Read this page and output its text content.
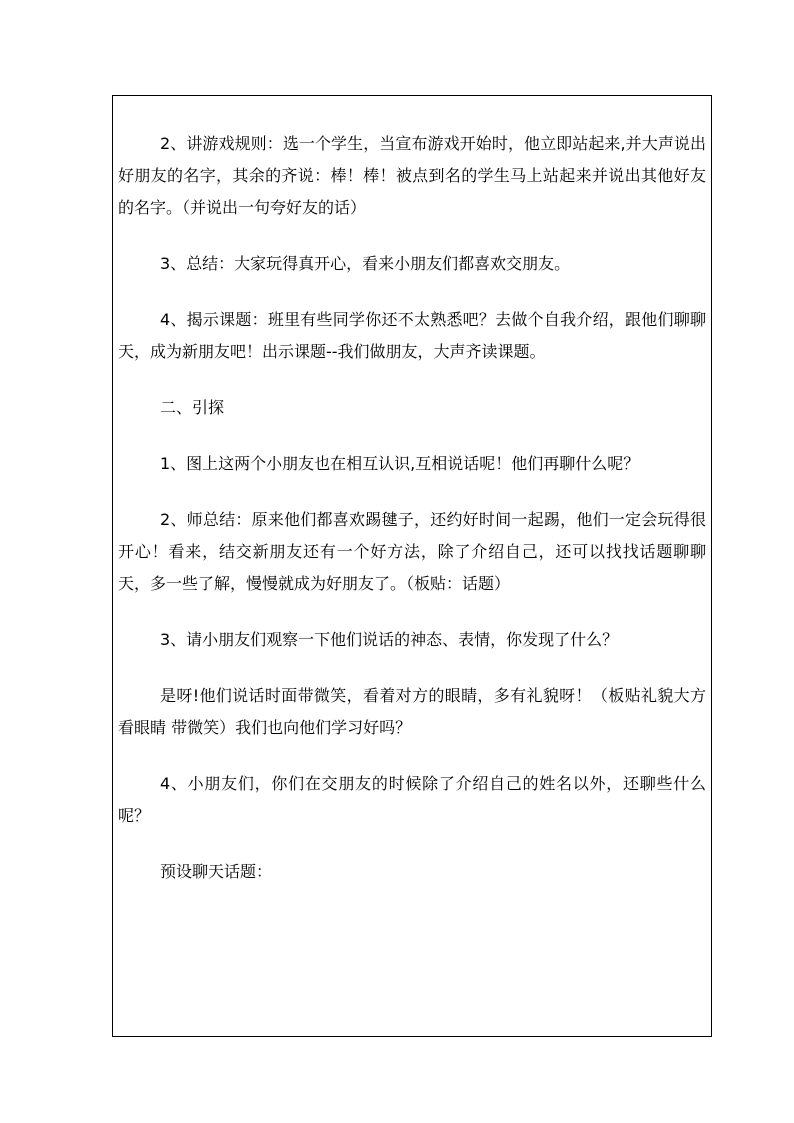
2、讲游戏规则：选一个学生，当宣布游戏开始时，他立即站起来,并大声说出好朋友的名字，其余的齐说：棒！棒！被点到名的学生马上站起来并说出其他好友的名字。（并说出一句夸好友的话）

3、总结：大家玩得真开心，看来小朋友们都喜欢交朋友。

4、揭示课题：班里有些同学你还不太熟悉吧？去做个自我介绍，跟他们聊聊天，成为新朋友吧！出示课题--我们做朋友，大声齐读课题。

二、引探

1、图上这两个小朋友也在相互认识,互相说话呢！他们再聊什么呢？

2、师总结：原来他们都喜欢踢毽子，还约好时间一起踢，他们一定会玩得很开心！看来，结交新朋友还有一个好方法，除了介绍自己，还可以找找话题聊聊天，多一些了解，慢慢就成为好朋友了。（板贴：话题）

3、请小朋友们观察一下他们说话的神态、表情，你发现了什么？

是呀!他们说话时面带微笑，看着对方的眼睛，多有礼貌呀！（板贴礼貌大方 看眼睛 带微笑）我们也向他们学习好吗？

4、小朋友们，你们在交朋友的时候除了介绍自己的姓名以外，还聊些什么呢？

预设聊天话题：
